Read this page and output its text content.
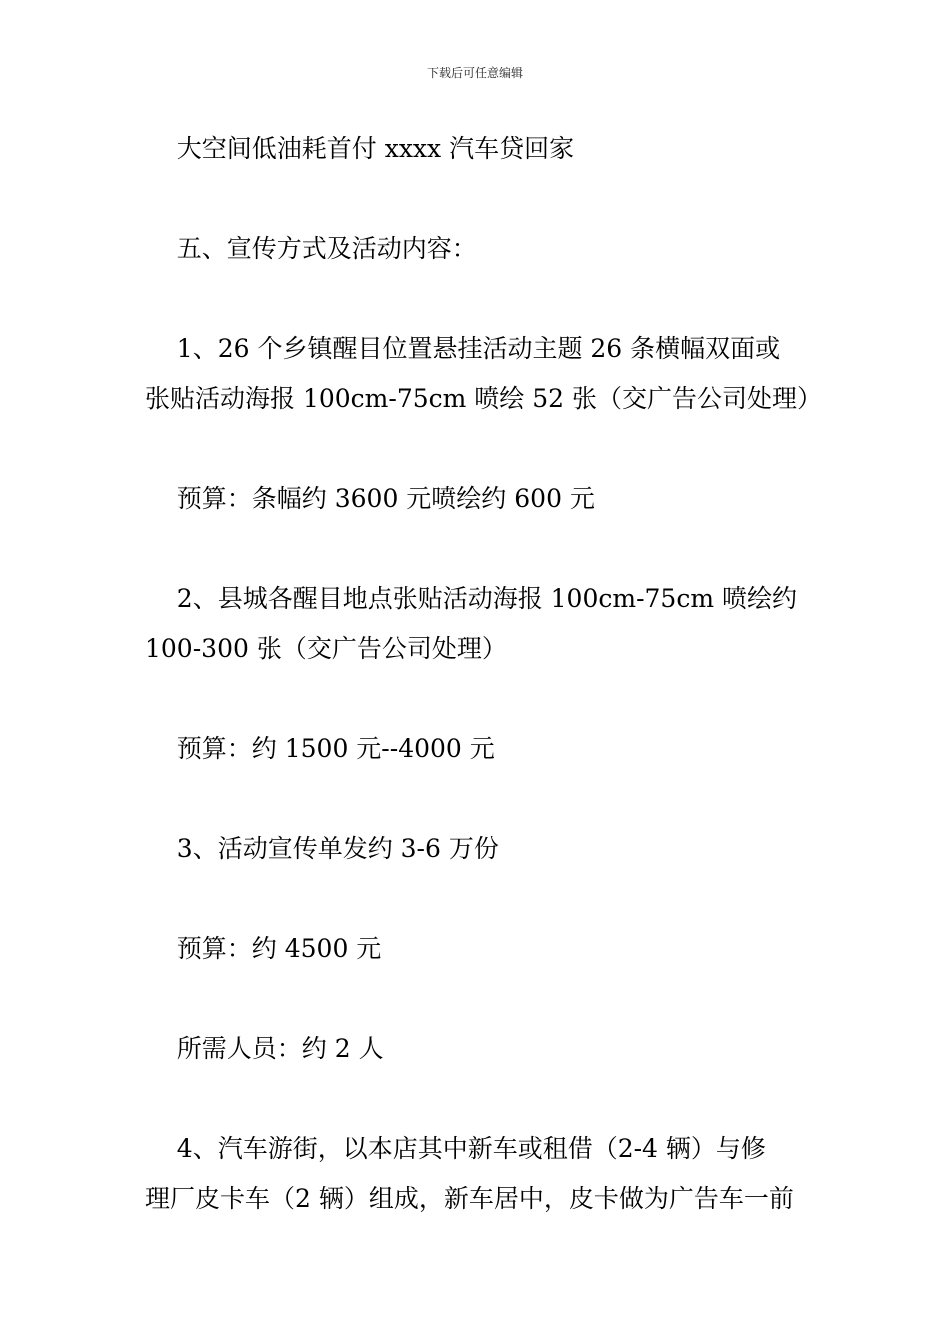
下载后可任意编辑
大空间低油耗首付 xxxx 汽车贷回家
五、宣传方式及活动内容：
1、26 个乡镇醒目位置悬挂活动主题 26 条横幅双面或
张贴活动海报 100cm-75cm 喷绘 52 张（交广告公司处理）
预算：条幅约 3600 元喷绘约 600 元
2、县城各醒目地点张贴活动海报 100cm-75cm 喷绘约
100-300 张（交广告公司处理）
预算：约 1500 元--4000 元
3、活动宣传单发约 3-6 万份
预算：约 4500 元
所需人员：约 2 人
4、汽车游街，以本店其中新车或租借（2-4 辆）与修
理厂皮卡车（2 辆）组成，新车居中，皮卡做为广告车一前
